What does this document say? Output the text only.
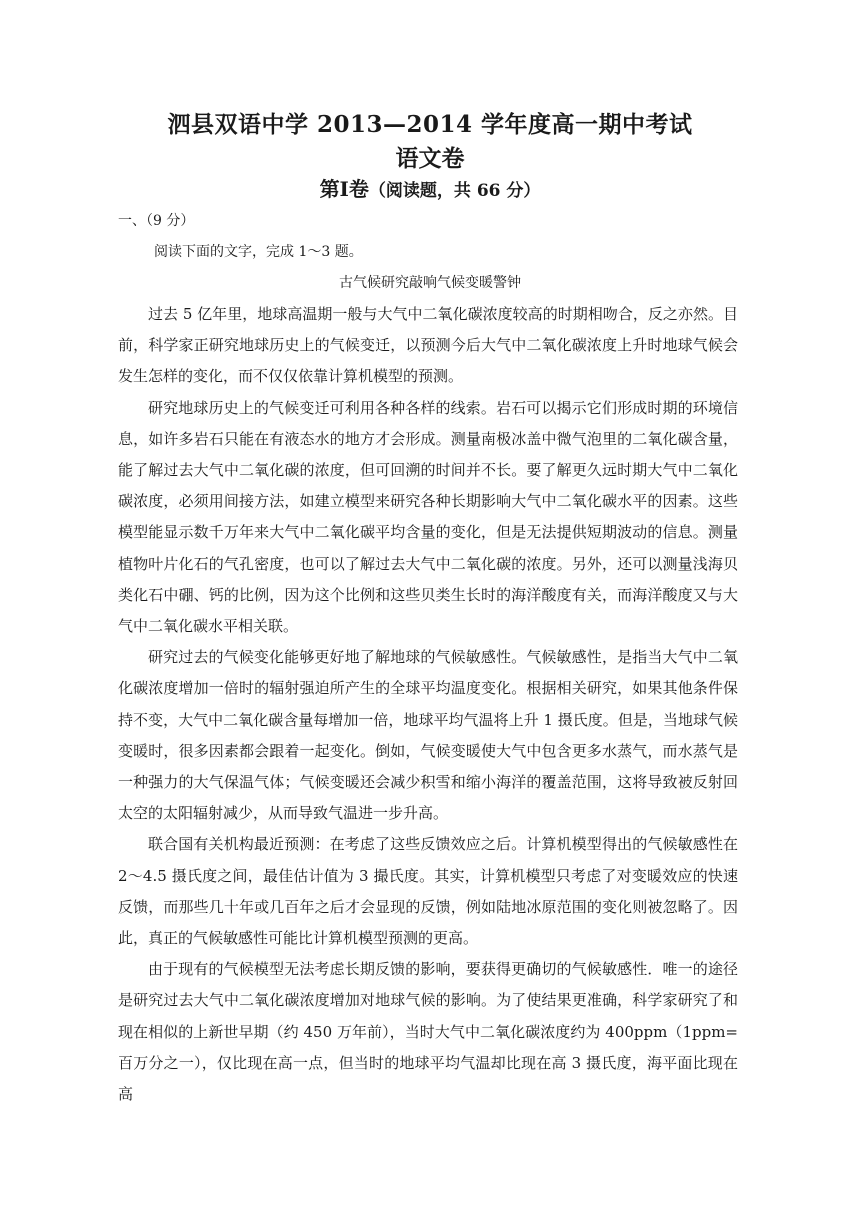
泗县双语中学 2013—2014 学年度高一期中考试
语文卷
第Ⅰ卷（阅读题，共 66 分）
一、（9 分）
阅读下面的文字，完成 1～3 题。
古气候研究敲响气候变暖警钟

过去 5 亿年里，地球高温期一般与大气中二氧化碳浓度较高的时期相吻合，反之亦然。目前，科学家正研究地球历史上的气候变迁，以预测今后大气中二氧化碳浓度上升时地球气候会发生怎样的变化，而不仅仅依靠计算机模型的预测。

研究地球历史上的气候变迁可利用各种各样的线索。岩石可以揭示它们形成时期的环境信息，如许多岩石只能在有液态水的地方才会形成。测量南极冰盖中微气泡里的二氧化碳含量，能了解过去大气中二氧化碳的浓度，但可回溯的时间并不长。要了解更久远时期大气中二氧化碳浓度，必须用间接方法，如建立模型来研究各种长期影响大气中二氧化碳水平的因素。这些模型能显示数千万年来大气中二氧化碳平均含量的变化，但是无法提供短期波动的信息。测量植物叶片化石的气孔密度，也可以了解过去大气中二氧化碳的浓度。另外，还可以测量浅海贝类化石中硼、钙的比例，因为这个比例和这些贝类生长时的海洋酸度有关，而海洋酸度又与大气中二氧化碳水平相关联。

研究过去的气候变化能够更好地了解地球的气候敏感性。气候敏感性，是指当大气中二氧化碳浓度增加一倍时的辐射强迫所产生的全球平均温度变化。根据相关研究，如果其他条件保持不变，大气中二氧化碳含量每增加一倍，地球平均气温将上升 1 摄氏度。但是，当地球气候变暖时，很多因素都会跟着一起变化。倒如，气候变暖使大气中包含更多水蒸气，而水蒸气是一种强力的大气保温气体；气候变暖还会减少积雪和缩小海洋的覆盖范围，这将导致被反射回太空的太阳辐射减少，从而导致气温进一步升高。

联合国有关机构最近预测：在考虑了这些反馈效应之后。计算机模型得出的气候敏感性在 2～4.5 摄氏度之间，最佳估计值为 3 撮氏度。其实，计算机模型只考虑了对变暖效应的快速反馈，而那些几十年或几百年之后才会显现的反馈，例如陆地冰原范围的变化则被忽略了。因此，真正的气候敏感性可能比计算机模型预测的更高。

由于现有的气候模型无法考虑长期反馈的影响，要获得更确切的气候敏感性．唯一的途径是研究过去大气中二氧化碳浓度增加对地球气候的影响。为了使结果更准确，科学家研究了和现在相似的上新世早期（约 450 万年前），当时大气中二氧化碳浓度约为 400ppm（1ppm=百万分之一），仅比现在高一点，但当时的地球平均气温却比现在高 3 摄氏度，海平面比现在高
